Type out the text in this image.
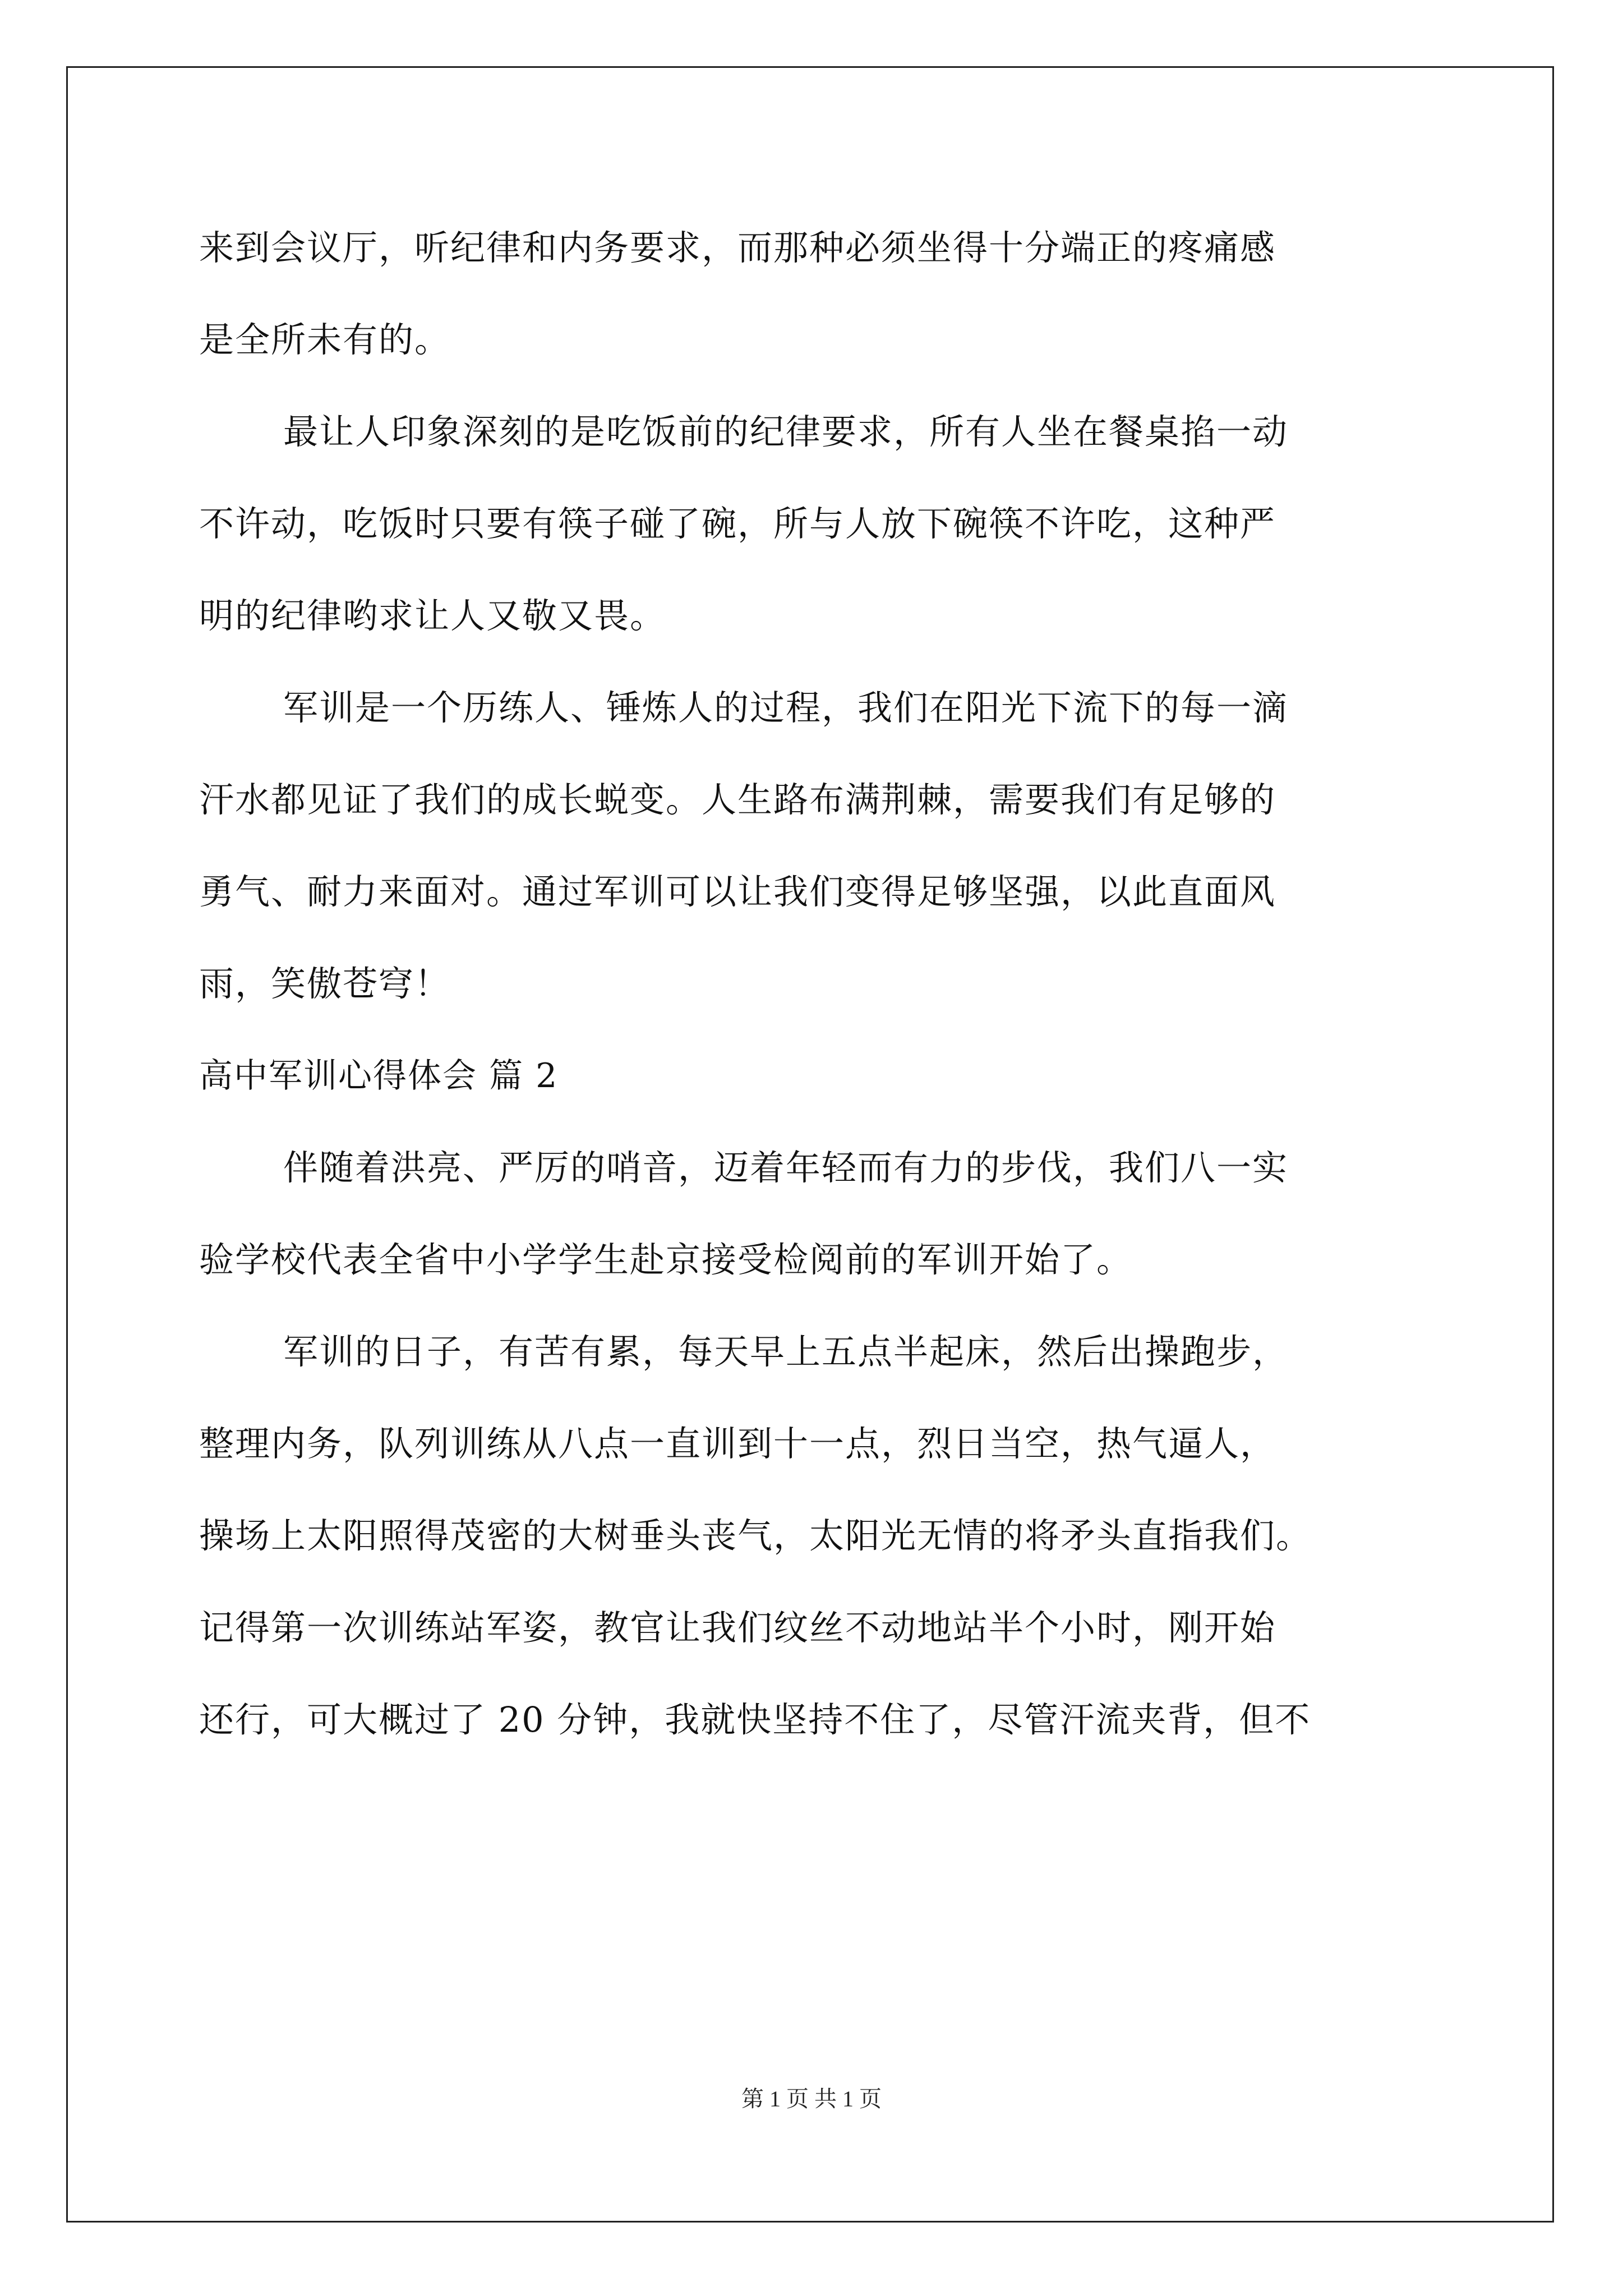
来到会议厅，听纪律和内务要求，而那种必须坐得十分端正的疼痛感
是全所未有的。
最让人印象深刻的是吃饭前的纪律要求，所有人坐在餐桌掐一动
不许动，吃饭时只要有筷子碰了碗，所与人放下碗筷不许吃，这种严
明的纪律哟求让人又敬又畏。
军训是一个历练人、锤炼人的过程，我们在阳光下流下的每一滴
汗水都见证了我们的成长蜕变。人生路布满荆棘，需要我们有足够的
勇气、耐力来面对。通过军训可以让我们变得足够坚强，以此直面风
雨，笑傲苍穹！
高中军训心得体会 篇 2
伴随着洪亮、严厉的哨音，迈着年轻而有力的步伐，我们八一实
验学校代表全省中小学学生赴京接受检阅前的军训开始了。
军训的日子，有苦有累，每天早上五点半起床，然后出操跑步，
整理内务，队列训练从八点一直训到十一点，烈日当空，热气逼人，
操场上太阳照得茂密的大树垂头丧气，太阳光无情的将矛头直指我们。
记得第一次训练站军姿，教官让我们纹丝不动地站半个小时，刚开始
还行，可大概过了 20 分钟，我就快坚持不住了，尽管汗流夹背，但不
第 1 页 共 1 页
